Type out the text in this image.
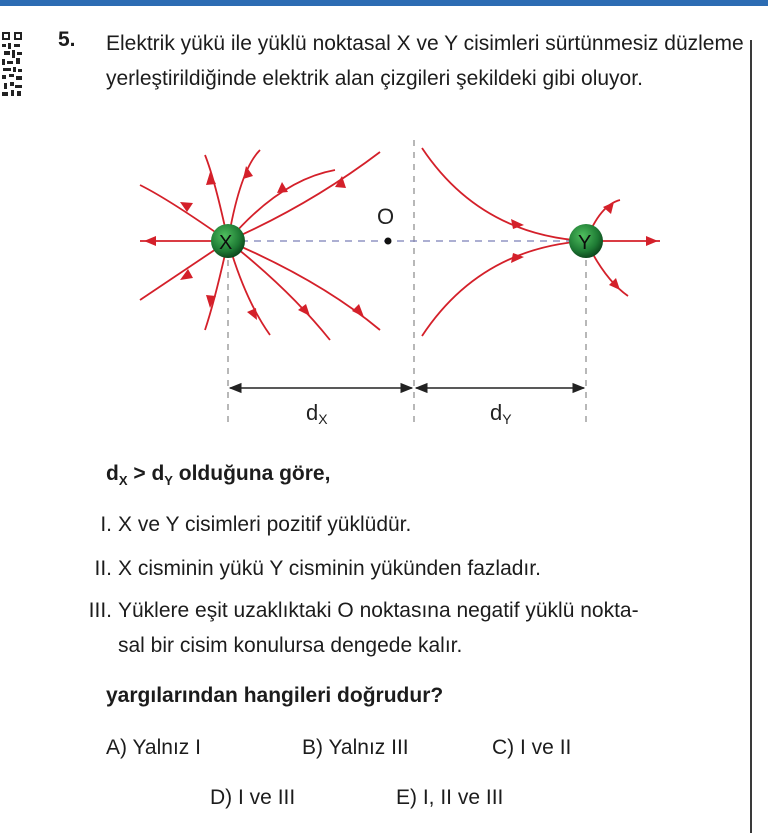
5. Elektrik yükü ile yüklü noktasal X ve Y cisimleri sürtünmesiz düzleme yerleştirildiğinde elektrik alan çizgileri şekildeki gibi oluyor.
O
X	Y
dX	dY
$d_X > d_Y$ olduğuna göre,
I. X ve Y cisimleri pozitif yüklüdür.
II. X cisminin yükü Y cisminin yükünden fazladır.
III. Yüklere eşit uzaklıktaki O noktasına negatif yüklü nokta-
sal bir cisim konulursa dengede kalır.
yargılarından hangileri doğrudur?
A) Yalnız I	B) Yalnız III	C) I ve II
D) I ve III	E) I, II ve III
